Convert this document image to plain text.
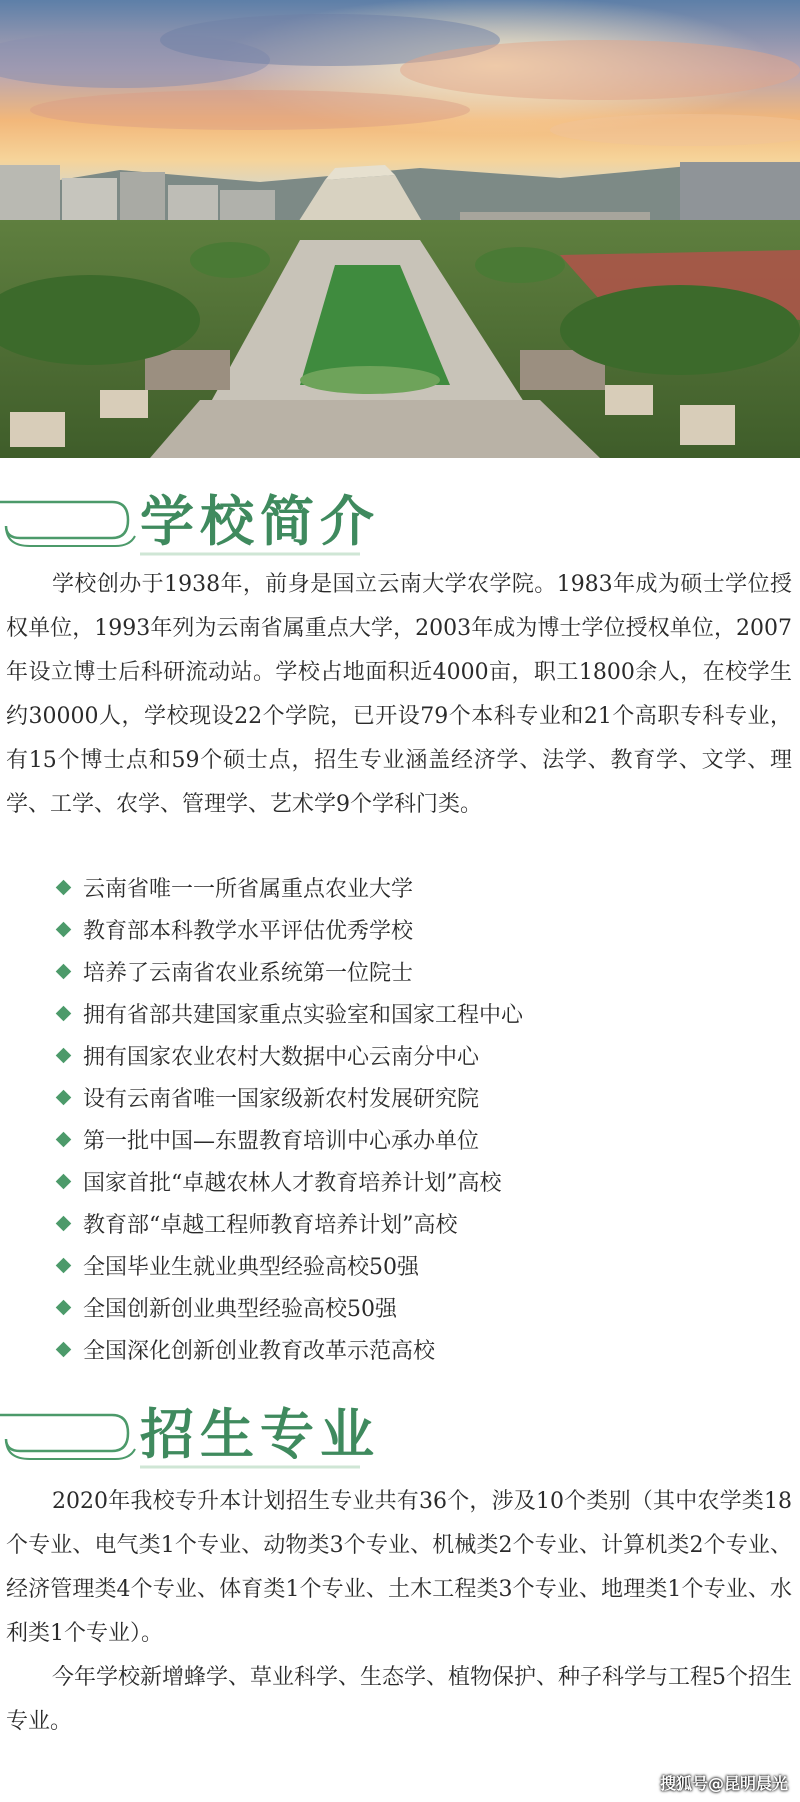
学校简介
学校创办于1938年，前身是国立云南大学农学院。1983年成为硕士学位授权单位，1993年列为云南省属重点大学，2003年成为博士学位授权单位，2007年设立博士后科研流动站。学校占地面积近4000亩，职工1800余人，在校学生约30000人，学校现设22个学院，已开设79个本科专业和21个高职专科专业，有15个博士点和59个硕士点，招生专业涵盖经济学、法学、教育学、文学、理学、工学、农学、管理学、艺术学9个学科门类。
云南省唯一一所省属重点农业大学
教育部本科教学水平评估优秀学校
培养了云南省农业系统第一位院士
拥有省部共建国家重点实验室和国家工程中心
拥有国家农业农村大数据中心云南分中心
设有云南省唯一国家级新农村发展研究院
第一批中国—东盟教育培训中心承办单位
国家首批“卓越农林人才教育培养计划”高校
教育部“卓越工程师教育培养计划”高校
全国毕业生就业典型经验高校50强
全国创新创业典型经验高校50强
全国深化创新创业教育改革示范高校
招生专业
2020年我校专升本计划招生专业共有36个，涉及10个类别（其中农学类18个专业、电气类1个专业、动物类3个专业、机械类2个专业、计算机类2个专业、经济管理类4个专业、体育类1个专业、土木工程类3个专业、地理类1个专业、水利类1个专业）。
今年学校新增蜂学、草业科学、生态学、植物保护、种子科学与工程5个招生专业。
搜狐号@昆明晨光
